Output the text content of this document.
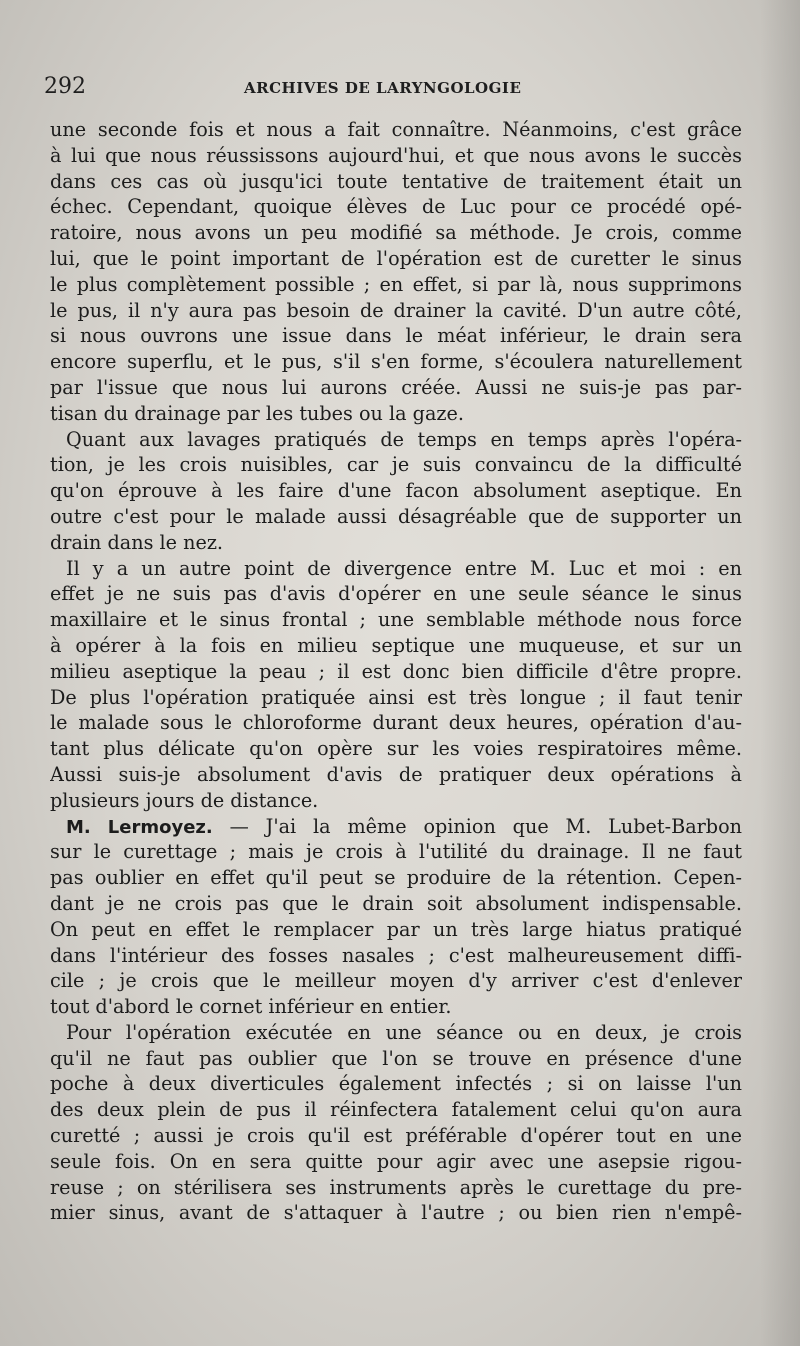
292	ARCHIVES DE LARYNGOLOGIE
une seconde fois et nous a fait connaître. Néanmoins, c'est grâce
à lui que nous réussissons aujourd'hui, et que nous avons le succès
dans ces cas où jusqu'ici toute tentative de traitement était un
échec. Cependant, quoique élèves de Luc pour ce procédé opé-
ratoire, nous avons un peu modifié sa méthode. Je crois, comme
lui, que le point important de l'opération est de curetter le sinus
le plus complètement possible ; en effet, si par là, nous supprimons
le pus, il n'y aura pas besoin de drainer la cavité. D'un autre côté,
si nous ouvrons une issue dans le méat inférieur, le drain sera
encore superflu, et le pus, s'il s'en forme, s'écoulera naturellement
par l'issue que nous lui aurons créée. Aussi ne suis-je pas par-
tisan du drainage par les tubes ou la gaze.
Quant aux lavages pratiqués de temps en temps après l'opéra-
tion, je les crois nuisibles, car je suis convaincu de la difficulté
qu'on éprouve à les faire d'une facon absolument aseptique. En
outre c'est pour le malade aussi désagréable que de supporter un
drain dans le nez.
Il y a un autre point de divergence entre M. Luc et moi : en
effet je ne suis pas d'avis d'opérer en une seule séance le sinus
maxillaire et le sinus frontal ; une semblable méthode nous force
à opérer à la fois en milieu septique une muqueuse, et sur un
milieu aseptique la peau ; il est donc bien difficile d'être propre.
De plus l'opération pratiquée ainsi est très longue ; il faut tenir
le malade sous le chloroforme durant deux heures, opération d'au-
tant plus délicate qu'on opère sur les voies respiratoires même.
Aussi suis-je absolument d'avis de pratiquer deux opérations à
plusieurs jours de distance.
M. Lermoyez. — J'ai la même opinion que M. Lubet-Barbon
sur le curettage ; mais je crois à l'utilité du drainage. Il ne faut
pas oublier en effet qu'il peut se produire de la rétention. Cepen-
dant je ne crois pas que le drain soit absolument indispensable.
On peut en effet le remplacer par un très large hiatus pratiqué
dans l'intérieur des fosses nasales ; c'est malheureusement diffi-
cile ; je crois que le meilleur moyen d'y arriver c'est d'enlever
tout d'abord le cornet inférieur en entier.
Pour l'opération exécutée en une séance ou en deux, je crois
qu'il ne faut pas oublier que l'on se trouve en présence d'une
poche à deux diverticules également infectés ; si on laisse l'un
des deux plein de pus il réinfectera fatalement celui qu'on aura
curetté ; aussi je crois qu'il est préférable d'opérer tout en une
seule fois. On en sera quitte pour agir avec une asepsie rigou-
reuse ; on stérilisera ses instruments après le curettage du pre-
mier sinus, avant de s'attaquer à l'autre ; ou bien rien n'empê-
